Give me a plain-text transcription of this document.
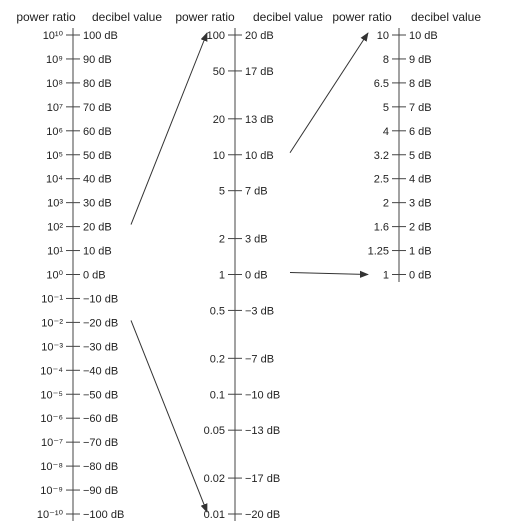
power ratio decibel value power ratio decibel value power ratio decibel value
10¹⁰ 100 dB
10⁹ 90 dB
10⁸ 80 dB
10⁷ 70 dB
10⁶ 60 dB
10⁵ 50 dB
10⁴ 40 dB
10³ 30 dB
10² 20 dB
10¹ 10 dB
10⁰ 0 dB
10⁻¹ −10 dB
10⁻² −20 dB
10⁻³ −30 dB
10⁻⁴ −40 dB
10⁻⁵ −50 dB
10⁻⁶ −60 dB
10⁻⁷ −70 dB
10⁻⁸ −80 dB
10⁻⁹ −90 dB
10⁻¹⁰ −100 dB
100 20 dB
50 17 dB
20 13 dB
10 10 dB
5 7 dB
2 3 dB
1 0 dB
0.5 −3 dB
0.2 −7 dB
0.1 −10 dB
0.05 −13 dB
0.02 −17 dB
0.01 −20 dB
10 10 dB
8 9 dB
6.5 8 dB
5 7 dB
4 6 dB
3.2 5 dB
2.5 4 dB
2 3 dB
1.6 2 dB
1.25 1 dB
1 0 dB
